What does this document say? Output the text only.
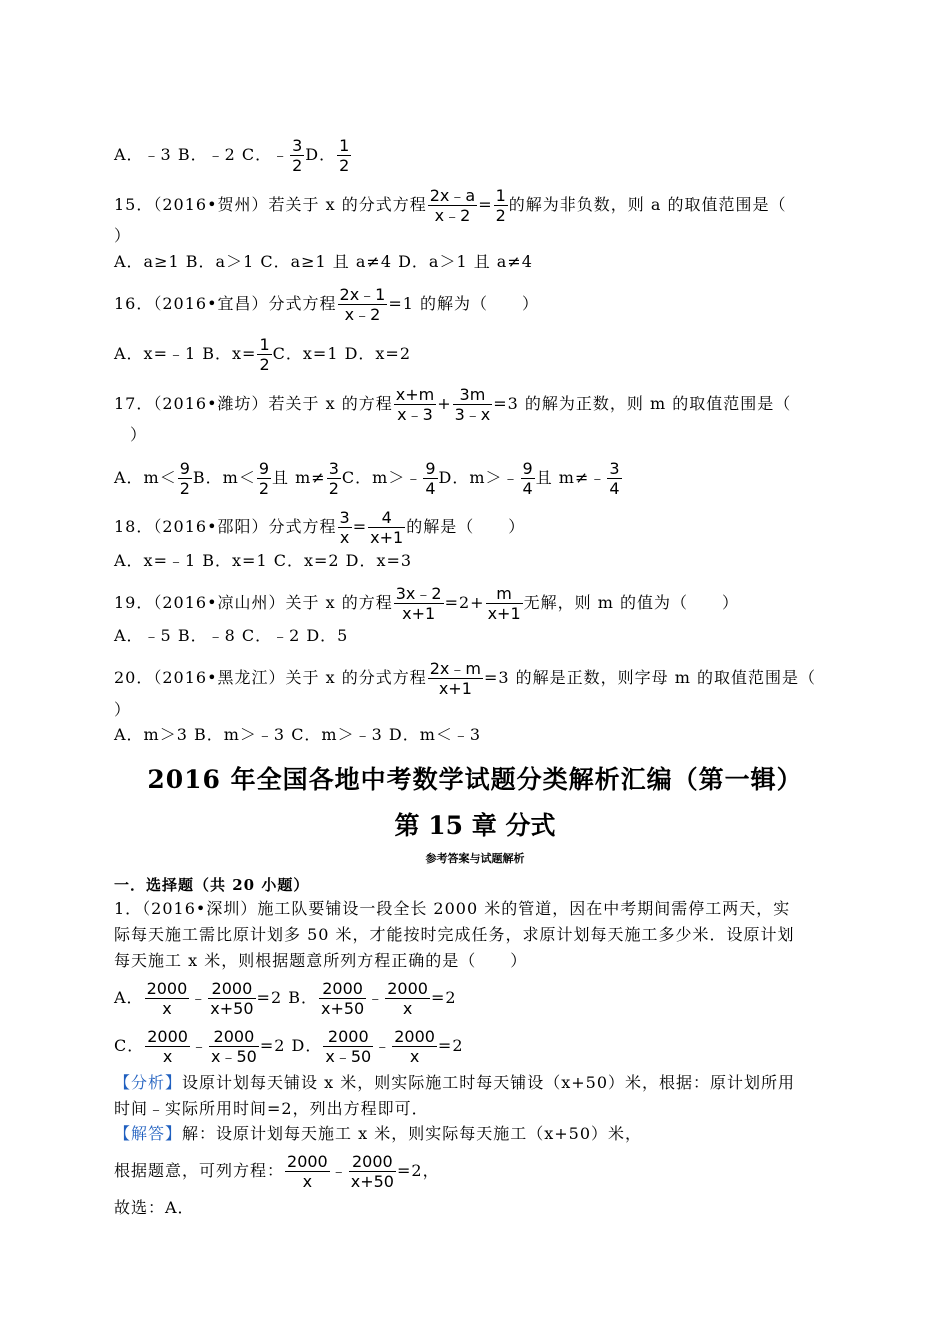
A．﹣3 B．﹣2 C．﹣ $\frac{3}{2}$ D． $\frac{1}{2}$
15．（2016•贺州）若关于 x 的分式方程 $\frac{2x﹣a}{x﹣2} = \frac{1}{2}$ 的解为非负数，则 a 的取值范围是（
）
A．a≥1 B．a＞1 C．a≥1 且 a≠4 D．a＞1 且 a≠4
16．（2016•宜昌）分式方程 $\frac{2x﹣1}{x﹣2} =1$ 的解为（　　）
A．x=﹣1 B．$x= \frac{1}{2}$ C．x=1 D．x=2
17．（2016•潍坊）若关于 x 的方程 $\frac{x+m}{x﹣3} + \frac{3m}{3﹣x} =3$ 的解为正数，则 m 的取值范围是（
）
A．$m< \frac{9}{2}$ B．$m< \frac{9}{2}$ 且 $m\ne \frac{3}{2}$ C．m＞﹣ $\frac{9}{4}$ D．m＞﹣ $\frac{9}{4}$ 且 m≠﹣ $\frac{3}{4}$
18．（2016•邵阳）分式方程 $\frac{3}{x} = \frac{4}{x+1}$ 的解是（　　）
A．x=﹣1 B．x=1 C．x=2 D．x=3
19．（2016•凉山州）关于 x 的方程 $\frac{3x﹣2}{x+1} =2+ \frac{m}{x+1}$ 无解，则 m 的值为（　　）
A．﹣5 B．﹣8 C．﹣2 D．5
20．（2016•黑龙江）关于 x 的分式方程 $\frac{2x﹣m}{x+1} =3$ 的解是正数，则字母 m 的取值范围是（
）
A．m＞3 B．m＞﹣3 C．m＞﹣3 D．m＜﹣3
2016 年全国各地中考数学试题分类解析汇编（第一辑）
第 15 章 分式
参考答案与试题解析
一．选择题（共 20 小题）
1．（2016•深圳）施工队要铺设一段全长 2000 米的管道，因在中考期间需停工两天，实
际每天施工需比原计划多 50 米，才能按时完成任务，求原计划每天施工多少米．设原计划
每天施工 x 米，则根据题意所列方程正确的是（　　）
A． $\frac{2000}{x}$ ﹣ $\frac{2000}{x+50} =2$ B． $\frac{2000}{x+50}$ ﹣ $\frac{2000}{x} =2$
C． $\frac{2000}{x}$ ﹣ $\frac{2000}{x﹣50} =2$ D． $\frac{2000}{x﹣50}$ ﹣ $\frac{2000}{x} =2$
【分析】设原计划每天铺设 x 米，则实际施工时每天铺设（x+50）米，根据：原计划所用
时间﹣实际所用时间=2，列出方程即可．
【解答】解：设原计划每天施工 x 米，则实际每天施工（x+50）米，
根据题意，可列方程： $\frac{2000}{x}$ ﹣ $\frac{2000}{x+50} =2$，
故选：A．
